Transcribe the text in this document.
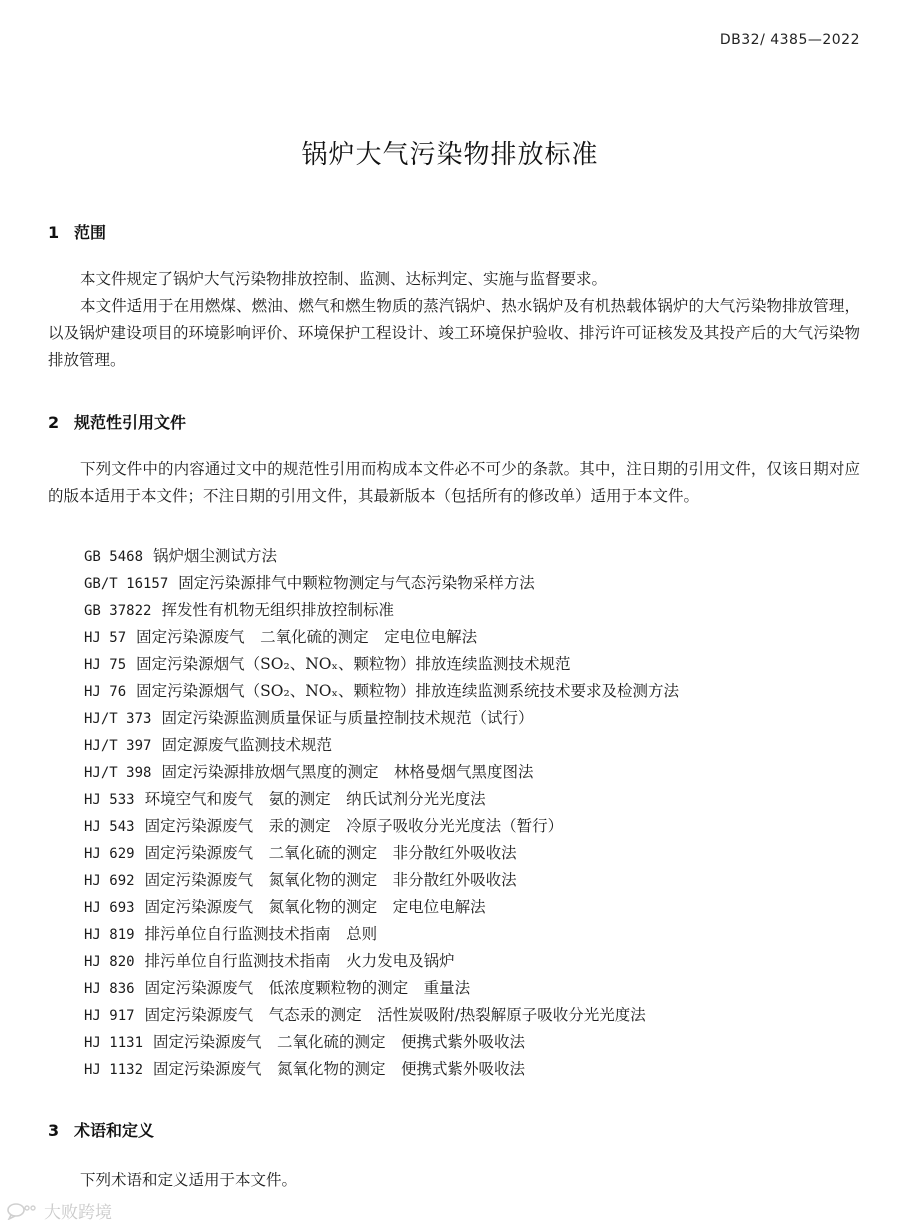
DB32/ 4385—2022
锅炉大气污染物排放标准
1 范围

本文件规定了锅炉大气污染物排放控制、监测、达标判定、实施与监督要求。

本文件适用于在用燃煤、燃油、燃气和燃生物质的蒸汽锅炉、热水锅炉及有机热载体锅炉的大气污染物排放管理，以及锅炉建设项目的环境影响评价、环境保护工程设计、竣工环境保护验收、排污许可证核发及其投产后的大气污染物排放管理。

2 规范性引用文件

下列文件中的内容通过文中的规范性引用而构成本文件必不可少的条款。其中，注日期的引用文件，仅该日期对应的版本适用于本文件；不注日期的引用文件，其最新版本（包括所有的修改单）适用于本文件。

GB 5468 锅炉烟尘测试方法
GB/T 16157 固定污染源排气中颗粒物测定与气态污染物采样方法
GB 37822 挥发性有机物无组织排放控制标准
HJ 57 固定污染源废气　二氧化硫的测定　定电位电解法
HJ 75 固定污染源烟气（SO₂、NOₓ、颗粒物）排放连续监测技术规范
HJ 76 固定污染源烟气（SO₂、NOₓ、颗粒物）排放连续监测系统技术要求及检测方法
HJ/T 373 固定污染源监测质量保证与质量控制技术规范（试行）
HJ/T 397 固定源废气监测技术规范
HJ/T 398 固定污染源排放烟气黑度的测定　林格曼烟气黑度图法
HJ 533 环境空气和废气　氨的测定　纳氏试剂分光光度法
HJ 543 固定污染源废气　汞的测定　冷原子吸收分光光度法（暂行）
HJ 629 固定污染源废气　二氧化硫的测定　非分散红外吸收法
HJ 692 固定污染源废气　氮氧化物的测定　非分散红外吸收法
HJ 693 固定污染源废气　氮氧化物的测定　定电位电解法
HJ 819 排污单位自行监测技术指南　总则
HJ 820 排污单位自行监测技术指南　火力发电及锅炉
HJ 836 固定污染源废气　低浓度颗粒物的测定　重量法
HJ 917 固定污染源废气　气态汞的测定　活性炭吸附/热裂解原子吸收分光光度法
HJ 1131 固定污染源废气　二氧化硫的测定　便携式紫外吸收法
HJ 1132 固定污染源废气　氮氧化物的测定　便携式紫外吸收法
3 术语和定义

下列术语和定义适用于本文件。

大败跨境
